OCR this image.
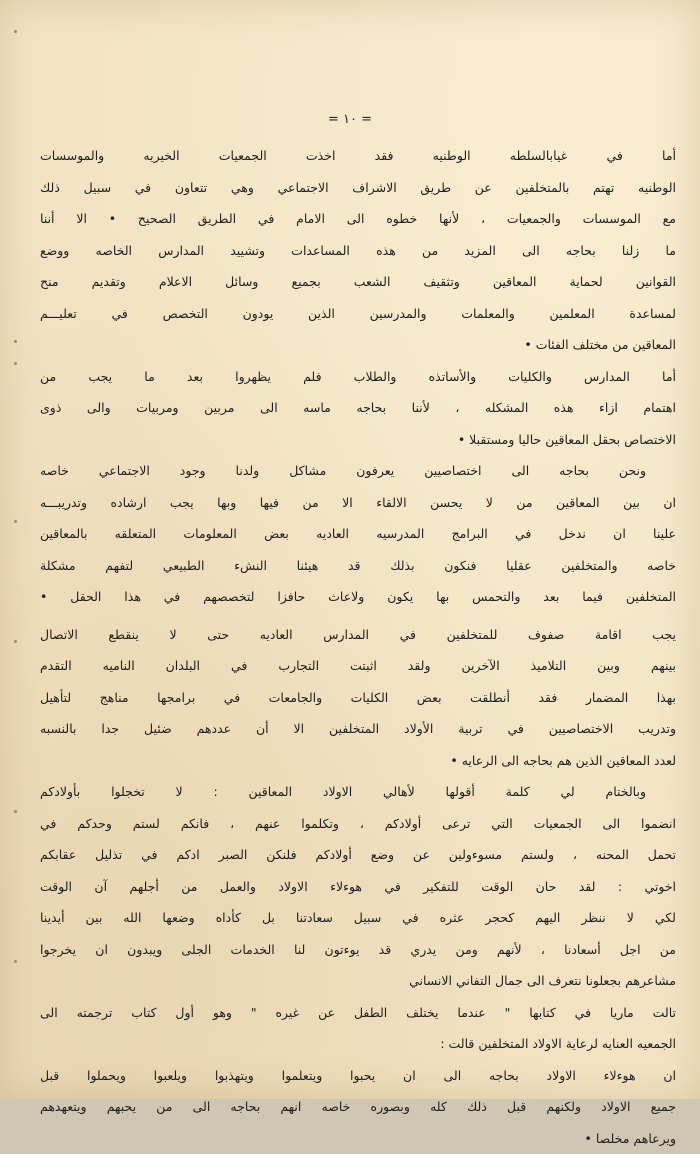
= ١٠ =
أما في غيابالسلطه الوطنيه فقد اخذت الجمعيات الخيريه والموسسات
الوطنيه تهتم بالمتخلفين عن طريق الاشراف الاجتماعي وهي تتعاون في سبيل ذلك
مع الموسسات والجمعيات ، لأنها خطوه الى الامام في الطريق الصحيح • الا أننا
ما زلنا بحاجه الى المزيد من هذه المساعدات وتشييد المدارس الخاصه ووضع
القوانين لحماية المعاقين وتثقيف الشعب بجميع وسائل الاعلام وتقديم منح
لمساعدة المعلمين والمعلمات والمدرسين الذين يودون التخصص في تعليـــم
المعاقين من مختلف الفئات •
أما المدارس والكليات والأساتذه والطلاب فلم يظهروا بعد ما يجب من
اهتمام ازاء هذه المشكله ، لأننا بحاجه ماسه الى مربين ومربيات والى ذوى
الاختصاص بحقل المعاقين حاليا ومستقبلا •
ونحن بحاجه الى اختصاصيين يعرفون مشاكل ولدنا وجود الاجتماعي خاصه
ان بين المعاقين من لا يحسن الالقاء الا من فيها وبها يجب ارشاده وتدريبـــه
علينا ان ندخل في البرامج المدرسيه العاديه بعض المعلومات المتعلقه بالمعاقين
خاصه والمتخلفين عقليا فنكون بذلك قد هيئنا النشء الطبيعي لتفهم مشكلة
المتخلفين فيما بعد والتحمس بها يكون ولاعاث حافزا لتخصصهم في هذا الحقل •
يجب اقامة صفوف للمتخلفين في المدارس العاديه حتى لا ينقطع الاتصال
بينهم وبين التلاميذ الآخرين ولقد اثبتت التجارب في البلدان الناميه التقدم
بهذا المضمار فقد أنطلقت بعض الكليات والجامعات في برامجها مناهج لتأهيل
وتدريب الاختصاصيين في تربية الأولاد المتخلفين الا أن عددهم ضئيل جدا بالنسبه
لعدد المعاقين الذين هم بحاجه الى الرعايه •
وبالختام لي كلمة أقولها لأهالي الاولاد المعاقين : لا تخجلوا بأولادكم
انضموا الى الجمعيات التي ترعى أولادكم ، وتكلموا عنهم ، فانكم لستم وحدكم في
تحمل المحنه ، ولستم مسوءولين عن وضع أولادكم فلنكن الصبر ادكم في تذليل عقابكم
اخوتي : لقد حان الوقت للتفكير في هوءلاء الاولاد والعمل من أجلهم آن الوقت
لكي لا ننظر اليهم كحجر عثره في سبيل سعادتنا بل كأداه وضعها الله بين أيدينا
من اجل أسعادنا ، لأنهم ومن يدري قد يوءتون لنا الخدمات الجلى ويبدون ان يخرجوا
مشاعرهم بجعلونا نتعرف الى جمال التفاني الانساني
تالت ماريا في كتابها " عندما يختلف الطفل عن غيره " وهو أول كتاب ترجمته الى
الجمعيه العنايه لرعاية الاولاد المتخلفين قالت :
ان هوءلاء الاولاد بحاجه الى ان يحبوا ويتعلموا ويتهذبوا ويلعبوا ويحملوا قبل
جميع الاولاد ولكنهم قبل ذلك كله وبصوره خاصه انهم بحاجه الى من يحبهم ويتعهدهم
ويرعاهم مخلصا •
